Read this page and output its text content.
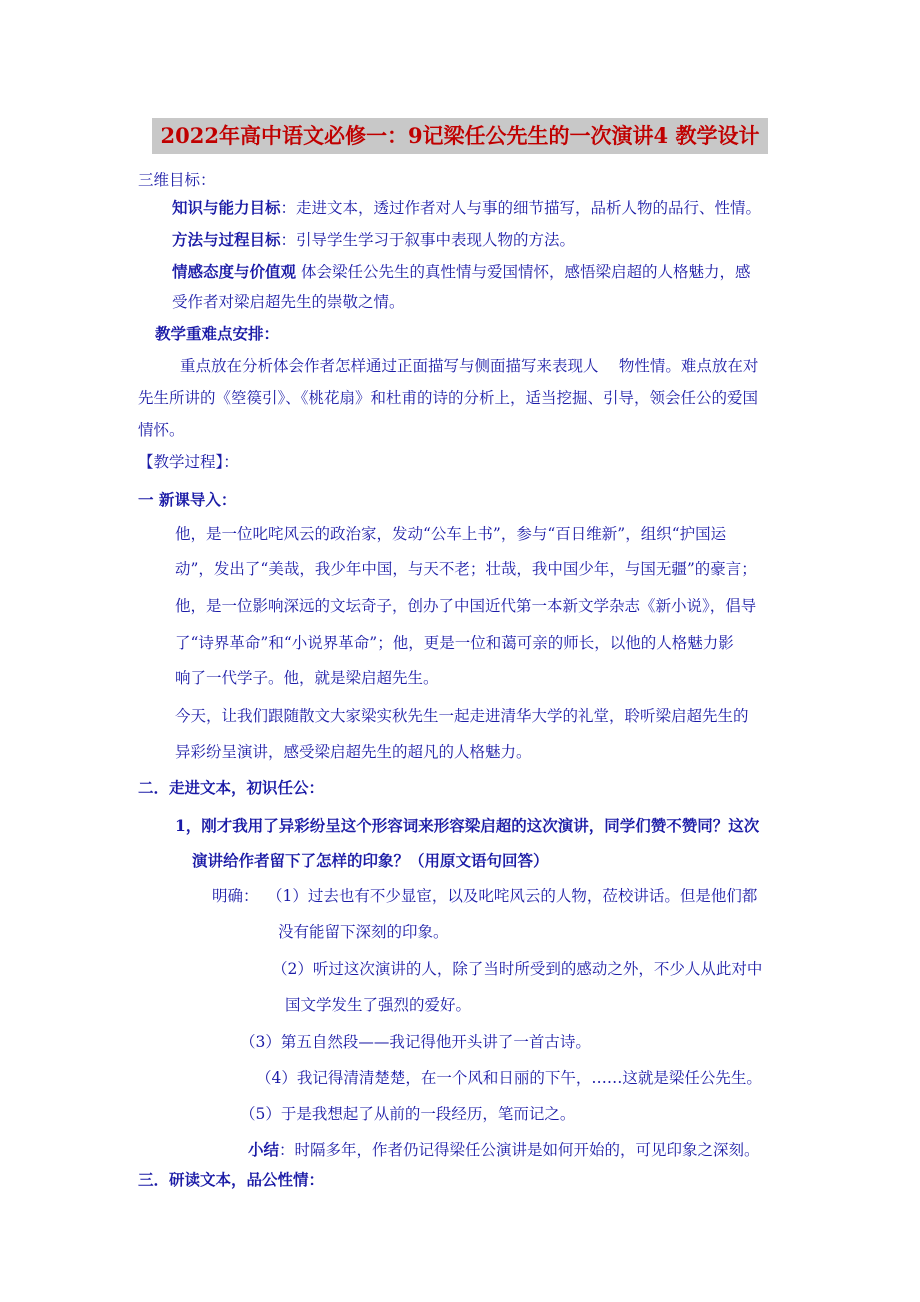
2022年高中语文必修一：9记梁任公先生的一次演讲4 教学设计
三维目标：
知识与能力目标：走进文本，透过作者对人与事的细节描写，品析人物的品行、性情。
方法与过程目标：引导学生学习于叙事中表现人物的方法。
情感态度与价值观 体会梁任公先生的真性情与爱国情怀，感悟梁启超的人格魅力，感
受作者对梁启超先生的崇敬之情。
教学重难点安排：
重点放在分析体会作者怎样通过正面描写与侧面描写来表现人　 物性情。难点放在对
先生所讲的《箜篌引》、《桃花扇》和杜甫的诗的分析上，适当挖掘、引导，领会任公的爱国
情怀。
【教学过程】：
一 新课导入：
他，是一位叱咤风云的政治家，发动“公车上书”，参与“百日维新”，组织“护国运
动”，发出了“美哉，我少年中国，与天不老；壮哉，我中国少年，与国无疆”的豪言；
他，是一位影响深远的文坛奇子，创办了中国近代第一本新文学杂志《新小说》，倡导
了“诗界革命”和“小说界革命”；他，更是一位和蔼可亲的师长，以他的人格魅力影
响了一代学子。他，就是梁启超先生。
今天，让我们跟随散文大家梁实秋先生一起走进清华大学的礼堂，聆听梁启超先生的
异彩纷呈演讲，感受梁启超先生的超凡的人格魅力。
二．走进文本，初识任公：
1，刚才我用了异彩纷呈这个形容词来形容梁启超的这次演讲，同学们赞不赞同？这次
演讲给作者留下了怎样的印象？（用原文语句回答）
明确： （1）过去也有不少显宦，以及叱咤风云的人物，莅校讲话。但是他们都
没有能留下深刻的印象。
（2）听过这次演讲的人，除了当时所受到的感动之外，不少人从此对中
国文学发生了强烈的爱好。
（3）第五自然段——我记得他开头讲了一首古诗。
（4）我记得清清楚楚，在一个风和日丽的下午，……这就是梁任公先生。
（5）于是我想起了从前的一段经历，笔而记之。
小结：时隔多年，作者仍记得梁任公演讲是如何开始的，可见印象之深刻。
三．研读文本，品公性情：
